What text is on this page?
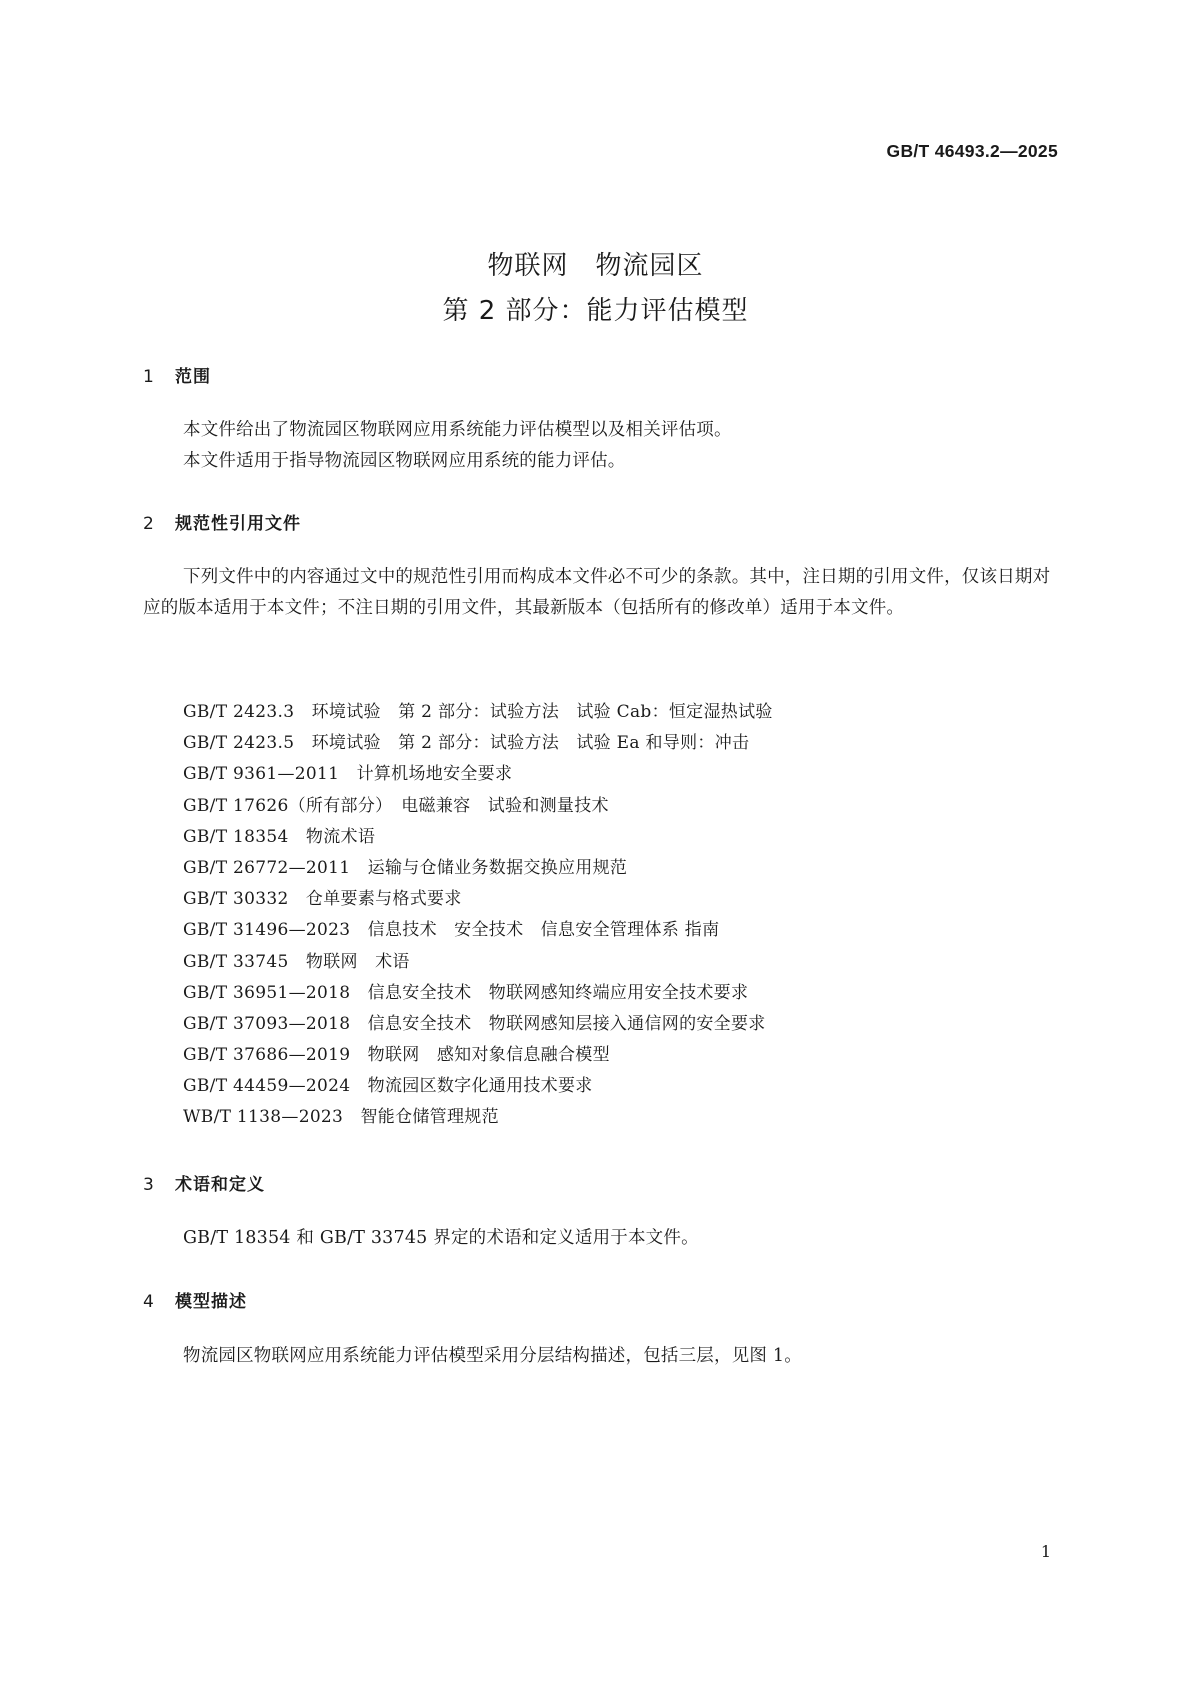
GB/T 46493.2—2025
物联网　物流园区
第 2 部分：能力评估模型
1 范围
本文件给出了物流园区物联网应用系统能力评估模型以及相关评估项。
本文件适用于指导物流园区物联网应用系统的能力评估。
2 规范性引用文件
下列文件中的内容通过文中的规范性引用而构成本文件必不可少的条款。其中，注日期的引用文件，仅该日期对应的版本适用于本文件；不注日期的引用文件，其最新版本（包括所有的修改单）适用于本文件。
GB/T 2423.3　环境试验　第 2 部分：试验方法　试验 Cab：恒定湿热试验
GB/T 2423.5　环境试验　第 2 部分：试验方法　试验 Ea 和导则：冲击
GB/T 9361—2011　计算机场地安全要求
GB/T 17626（所有部分）　电磁兼容　试验和测量技术
GB/T 18354　物流术语
GB/T 26772—2011　运输与仓储业务数据交换应用规范
GB/T 30332　仓单要素与格式要求
GB/T 31496—2023　信息技术　安全技术　信息安全管理体系 指南
GB/T 33745　物联网　术语
GB/T 36951—2018　信息安全技术　物联网感知终端应用安全技术要求
GB/T 37093—2018　信息安全技术　物联网感知层接入通信网的安全要求
GB/T 37686—2019　物联网　感知对象信息融合模型
GB/T 44459—2024　物流园区数字化通用技术要求
WB/T 1138—2023　智能仓储管理规范
3 术语和定义
GB/T 18354 和 GB/T 33745 界定的术语和定义适用于本文件。
4 模型描述
物流园区物联网应用系统能力评估模型采用分层结构描述，包括三层，见图 1。
1
